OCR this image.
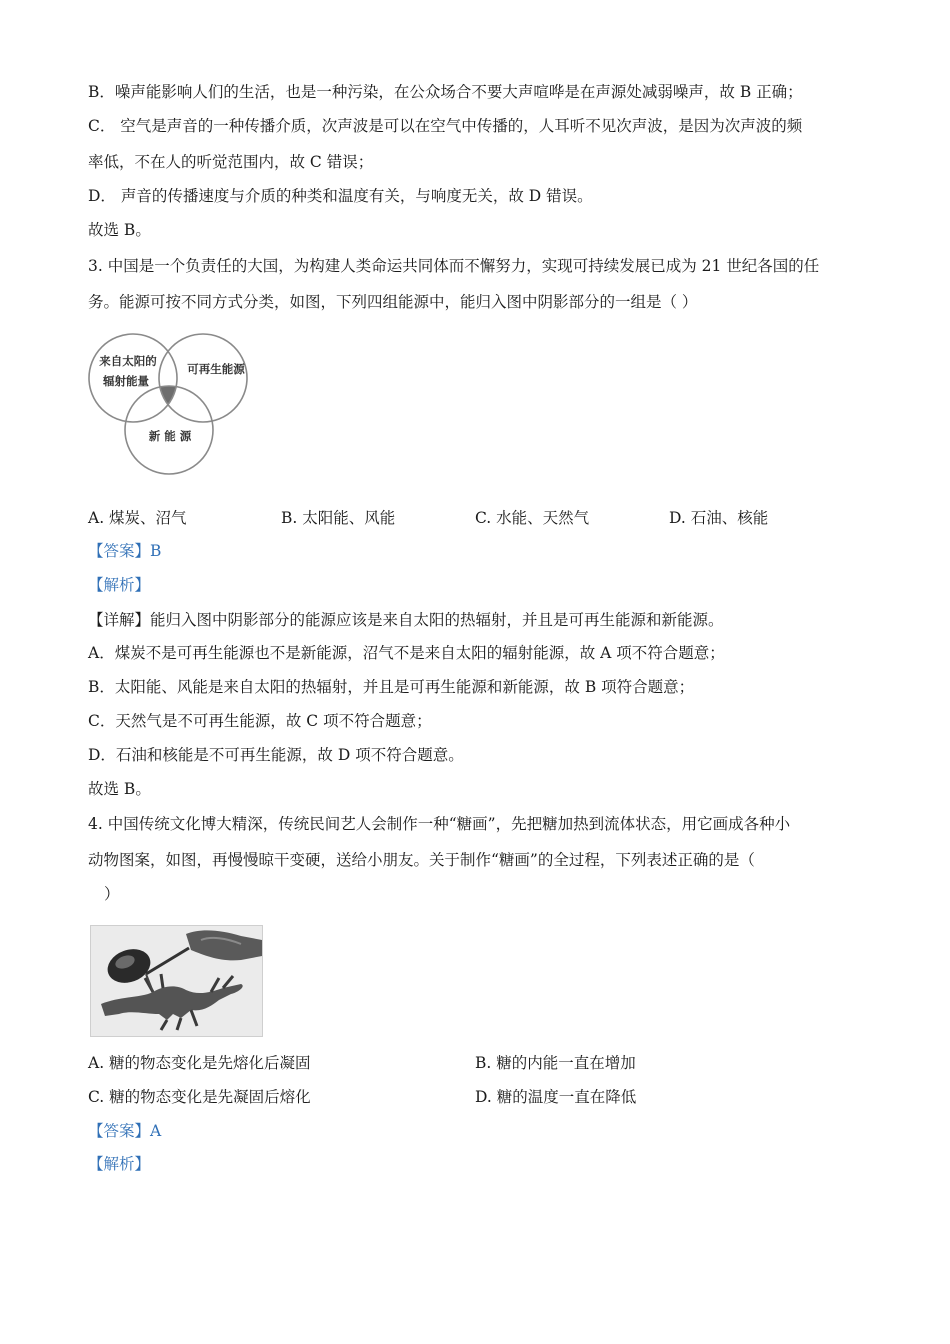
B．噪声能影响人们的生活，也是一种污染，在公众场合不要大声喧哗是在声源处减弱噪声，故 B 正确；
C． 空气是声音的一种传播介质，次声波是可以在空气中传播的，人耳听不见次声波，是因为次声波的频
率低，不在人的听觉范围内，故 C 错误；
D． 声音的传播速度与介质的种类和温度有关，与响度无关，故 D 错误。
故选 B。
3. 中国是一个负责任的大国，为构建人类命运共同体而不懈努力，实现可持续发展已成为 21 世纪各国的任
务。能源可按不同方式分类，如图，下列四组能源中，能归入图中阴影部分的一组是（ ）
来自太阳的
辐射能量
可再生能源
新 能 源
A. 煤炭、沼气	B. 太阳能、风能	C. 水能、天然气	D. 石油、核能
【答案】B
【解析】
【详解】能归入图中阴影部分的能源应该是来自太阳的热辐射，并且是可再生能源和新能源。
A．煤炭不是可再生能源也不是新能源，沼气不是来自太阳的辐射能源，故 A 项不符合题意；
B．太阳能、风能是来自太阳的热辐射，并且是可再生能源和新能源，故 B 项符合题意；
C．天然气是不可再生能源，故 C 项不符合题意；
D．石油和核能是不可再生能源，故 D 项不符合题意。
故选 B。
4. 中国传统文化博大精深，传统民间艺人会制作一种“糖画”，先把糖加热到流体状态，用它画成各种小
动物图案，如图，再慢慢晾干变硬，送给小朋友。关于制作“糖画”的全过程，下列表述正确的是（
）
A. 糖的物态变化是先熔化后凝固	B. 糖的内能一直在增加
C. 糖的物态变化是先凝固后熔化	D. 糖的温度一直在降低
【答案】A
【解析】
